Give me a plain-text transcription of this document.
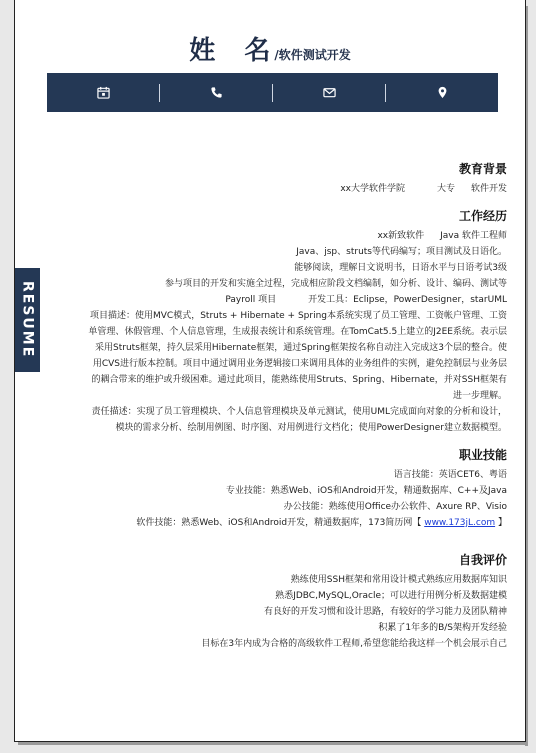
姓 名/软件测试开发
RESUME
教育背景
xx大学软件学院	大专 软件开发
工作经历
xx新致软件 Java 软件工程师
Java、jsp、struts等代码编写；项目测试及日语化。
能够阅读，理解日文说明书，日语水平与日语考试3级
参与项目的开发和实施全过程，完成相应阶段文档编制，如分析、设计、编码、测试等
Payroll 项目	开发工具：Eclipse，PowerDesigner，starUML
项目描述：使用MVC模式，Struts + Hibernate + Spring本系统实现了员工管理、工资帐户管理、工资单管理、休假管理、个人信息管理，生成报表统计和系统管理。在TomCat5.5上建立的J2EE系统。表示层采用Struts框架，持久层采用Hibernate框架，通过Spring框架按名称自动注入完成这3个层的整合。使用CVS进行版本控制。项目中通过调用业务逻辑接口来调用具体的业务组件的实例，避免控制层与业务层的耦合带来的维护或升级困难。通过此项目，能熟练使用Struts、Spring、Hibernate，并对SSH框架有进一步理解。
责任描述：实现了员工管理模块、个人信息管理模块及单元测试，使用UML完成面向对象的分析和设计，模块的需求分析、绘制用例图、时序图、对用例进行文档化；使用PowerDesigner建立数据模型。
职业技能
语言技能：英语CET6、粤语
专业技能：熟悉Web、iOS和Android开发，精通数据库、C++及Java
办公技能：熟练使用Office办公软件、Axure RP、Visio
软件技能：熟悉Web、iOS和Android开发，精通数据库，173简历网【 www.173jL.com 】
自我评价
熟练使用SSH框架和常用设计模式熟练应用数据库知识
熟悉JDBC,MySQL,Oracle；可以进行用例分析及数据建模
有良好的开发习惯和设计思路，有较好的学习能力及团队精神
积累了1年多的B/S架构开发经验
目标在3年内成为合格的高级软件工程师,希望您能给我这样一个机会展示自己
